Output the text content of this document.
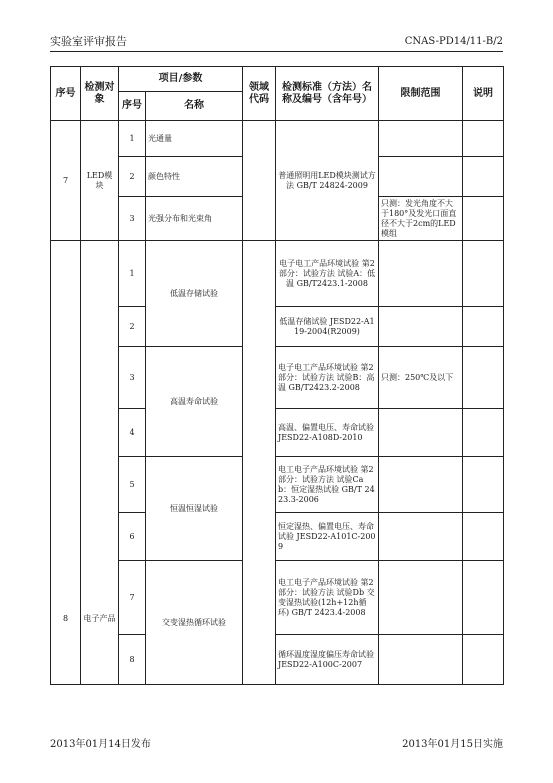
实验室评审报告	CNAS-PD14/11-B/2
序号	检测对象	项目/参数		领域代码	检测标准（方法）名称及编号（含年号）	限制范围	说明
		序号	名称				
7	LED模块	1	光通量		普通照明用LED模块测试方法 GB/T 24824-2009		
		2	颜色特性				
		3	光强分布和光束角			只测：发光角度不大于180°及发光口面直径不大于2cm的LED模组	
8	电子产品	1	低温存储试验		电子电工产品环境试验 第2部分：试验方法 试验A：低温 GB/T2423.1-2008		
		2			低温存储试验 JESD22-A119-2004(R2009)		
		3	高温寿命试验		电子电工产品环境试验 第2部分：试验方法 试验B：高温 GB/T2423.2-2008	只测：250℃及以下	
		4			高温、偏置电压、寿命试验 JESD22-A108D-2010		
		5	恒温恒湿试验		电工电子产品环境试验 第2部分：试验方法 试验Cab：恒定湿热试验 GB/T 2423.3-2006		
		6			恒定湿热、偏置电压、寿命试验 JESD22-A101C-2009		
		7	交变湿热循环试验		电工电子产品环境试验 第2部分：试验方法 试验Db 交变湿热试验(12h+12h循环) GB/T 2423.4-2008		
		8			循环温度湿度偏压寿命试验JESD22-A100C-2007		
2013年01月14日发布	2013年01月15日实施
